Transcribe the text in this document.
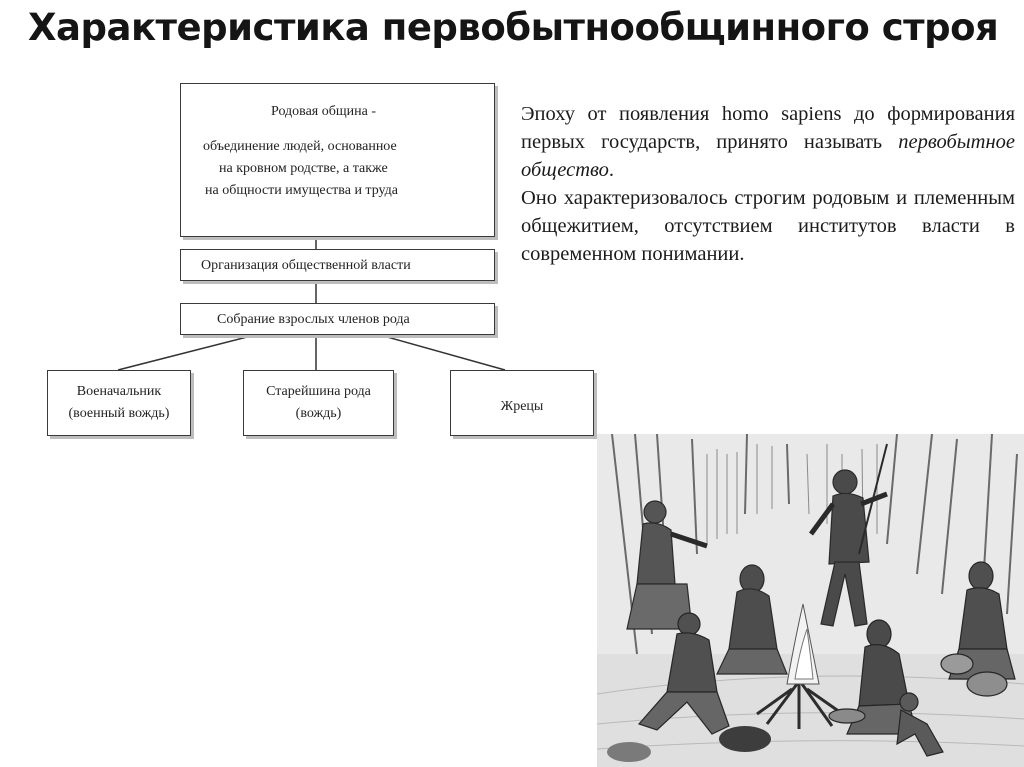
Характеристика первобытнообщинного строя
Родовая община -
объединение людей, основанное
на кровном родстве, а также
на общности имущества и труда
Организация общественной власти
Собрание взрослых членов рода
Военачальник
(военный вождь)
Старейшина рода
(вождь)	Жрецы

Эпоху от появления homo sapiens до формирования первых государств, принято называть первобытное общество.

Оно характеризовалось строгим родовым и племенным общежитием, отсутствием институтов власти в современном понимании.
